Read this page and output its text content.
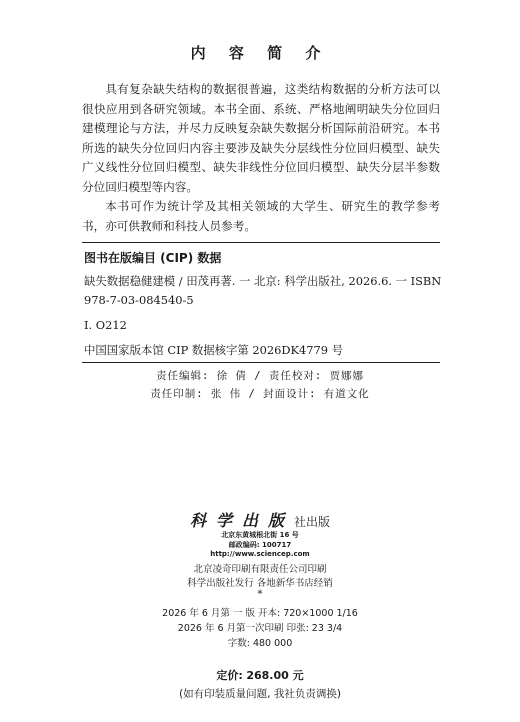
内 容 简 介

具有复杂缺失结构的数据很普遍，这类结构数据的分析方法可以很快应用到各研究领域。本书全面、系统、严格地阐明缺失分位回归建模理论与方法，并尽力反映复杂缺失数据分析国际前沿研究。本书所选的缺失分位回归内容主要涉及缺失分层线性分位回归模型、缺失广义线性分位回归模型、缺失非线性分位回归模型、缺失分层半参数分位回归模型等内容。

本书可作为统计学及其相关领域的大学生、研究生的教学参考书，亦可供教师和科技人员参考。

图书在版编目 (CIP) 数据
缺失数据稳健建模 / 田茂再著. 一 北京: 科学出版社, 2026.6. 一 ISBN
978-7-03-084540-5
I. O212
中国国家版本馆 CIP 数据核字第 2026DK4779 号
责任编辑: 徐 倩 / 责任校对: 贾娜娜
责任印制: 张 伟 / 封面设计: 有道文化
科学出版社出版
北京东黄城根北街 16 号
邮政编码: 100717
http://www.sciencep.com
北京凌奇印刷有限责任公司印刷
科学出版社发行 各地新华书店经销
*
2026 年 6 月第 一 版 开本: 720×1000 1/16
2026 年 6 月第一次印刷 印张: 23 3/4
字数: 480 000
定价: 268.00 元
(如有印装质量问题, 我社负责调换)
